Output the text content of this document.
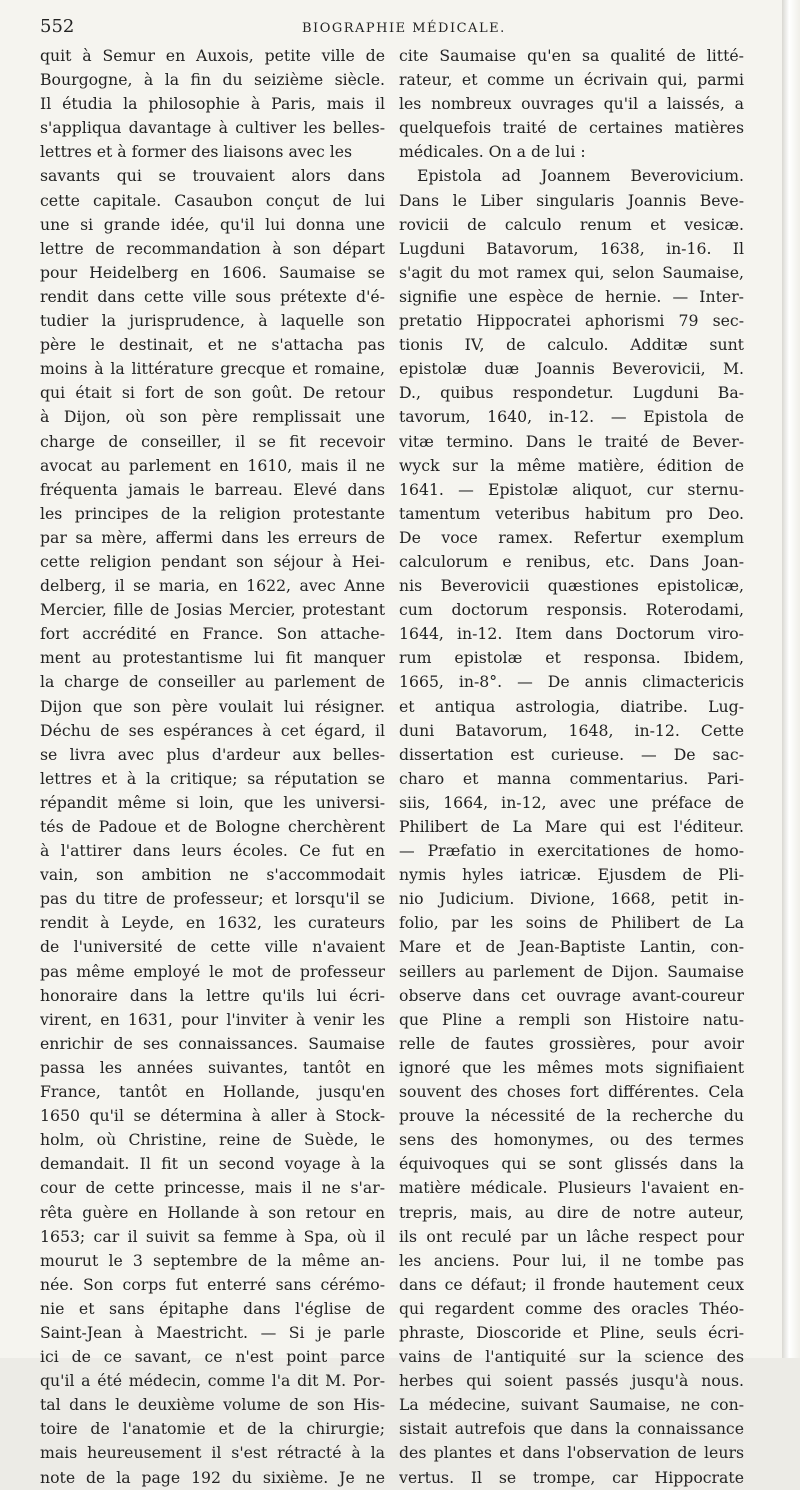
552	BIOGRAPHIE MÉDICALE.
quit à Semur en Auxois, petite ville de
Bourgogne, à la fin du seizième siècle.
Il étudia la philosophie à Paris, mais il
s'appliqua davantage à cultiver les belles-
lettres et à former des liaisons avec les
savants qui se trouvaient alors dans
cette capitale. Casaubon conçut de lui
une si grande idée, qu'il lui donna une
lettre de recommandation à son départ
pour Heidelberg en 1606. Saumaise se
rendit dans cette ville sous prétexte d'é-
tudier la jurisprudence, à laquelle son
père le destinait, et ne s'attacha pas
moins à la littérature grecque et romaine,
qui était si fort de son goût. De retour
à Dijon, où son père remplissait une
charge de conseiller, il se fit recevoir
avocat au parlement en 1610, mais il ne
fréquenta jamais le barreau. Elevé dans
les principes de la religion protestante
par sa mère, affermi dans les erreurs de
cette religion pendant son séjour à Hei-
delberg, il se maria, en 1622, avec Anne
Mercier, fille de Josias Mercier, protestant
fort accrédité en France. Son attache-
ment au protestantisme lui fit manquer
la charge de conseiller au parlement de
Dijon que son père voulait lui résigner.
Déchu de ses espérances à cet égard, il
se livra avec plus d'ardeur aux belles-
lettres et à la critique; sa réputation se
répandit même si loin, que les universi-
tés de Padoue et de Bologne cherchèrent
à l'attirer dans leurs écoles. Ce fut en
vain, son ambition ne s'accommodait
pas du titre de professeur; et lorsqu'il se
rendit à Leyde, en 1632, les curateurs
de l'université de cette ville n'avaient
pas même employé le mot de professeur
honoraire dans la lettre qu'ils lui écri-
virent, en 1631, pour l'inviter à venir les
enrichir de ses connaissances. Saumaise
passa les années suivantes, tantôt en
France, tantôt en Hollande, jusqu'en
1650 qu'il se détermina à aller à Stock-
holm, où Christine, reine de Suède, le
demandait. Il fit un second voyage à la
cour de cette princesse, mais il ne s'ar-
rêta guère en Hollande à son retour en
1653; car il suivit sa femme à Spa, où il
mourut le 3 septembre de la même an-
née. Son corps fut enterré sans cérémo-
nie et sans épitaphe dans l'église de
Saint-Jean à Maestricht. — Si je parle
ici de ce savant, ce n'est point parce
qu'il a été médecin, comme l'a dit M. Por-
tal dans le deuxième volume de son His-
toire de l'anatomie et de la chirurgie;
mais heureusement il s'est rétracté à la
note de la page 192 du sixième. Je ne
cite Saumaise qu'en sa qualité de litté-
rateur, et comme un écrivain qui, parmi
les nombreux ouvrages qu'il a laissés, a
quelquefois traité de certaines matières
médicales. On a de lui :
Epistola ad Joannem Beverovicium.
Dans le Liber singularis Joannis Beve-
rovicii de calculo renum et vesicæ.
Lugduni Batavorum, 1638, in-16. Il
s'agit du mot ramex qui, selon Saumaise,
signifie une espèce de hernie. — Inter-
pretatio Hippocratei aphorismi 79 sec-
tionis IV, de calculo. Additæ sunt
epistolæ duæ Joannis Beverovicii, M.
D., quibus respondetur. Lugduni Ba-
tavorum, 1640, in-12. — Epistola de
vitæ termino. Dans le traité de Bever-
wyck sur la même matière, édition de
1641. — Epistolæ aliquot, cur sternu-
tamentum veteribus habitum pro Deo.
De voce ramex. Refertur exemplum
calculorum e renibus, etc. Dans Joan-
nis Beverovicii quæstiones epistolicæ,
cum doctorum responsis. Roterodami,
1644, in-12. Item dans Doctorum viro-
rum epistolæ et responsa. Ibidem,
1665, in-8°. — De annis climactericis
et antiqua astrologia, diatribe. Lug-
duni Batavorum, 1648, in-12. Cette
dissertation est curieuse. — De sac-
charo et manna commentarius. Pari-
siis, 1664, in-12, avec une préface de
Philibert de La Mare qui est l'éditeur.
— Præfatio in exercitationes de homo-
nymis hyles iatricæ. Ejusdem de Pli-
nio Judicium. Divione, 1668, petit in-
folio, par les soins de Philibert de La
Mare et de Jean-Baptiste Lantin, con-
seillers au parlement de Dijon. Saumaise
observe dans cet ouvrage avant-coureur
que Pline a rempli son Histoire natu-
relle de fautes grossières, pour avoir
ignoré que les mêmes mots signifiaient
souvent des choses fort différentes. Cela
prouve la nécessité de la recherche du
sens des homonymes, ou des termes
équivoques qui se sont glissés dans la
matière médicale. Plusieurs l'avaient en-
trepris, mais, au dire de notre auteur,
ils ont reculé par un lâche respect pour
les anciens. Pour lui, il ne tombe pas
dans ce défaut; il fronde hautement ceux
qui regardent comme des oracles Théo-
phraste, Dioscoride et Pline, seuls écri-
vains de l'antiquité sur la science des
herbes qui soient passés jusqu'à nous.
La médecine, suivant Saumaise, ne con-
sistait autrefois que dans la connaissance
des plantes et dans l'observation de leurs
vertus. Il se trompe, car Hippocrate
